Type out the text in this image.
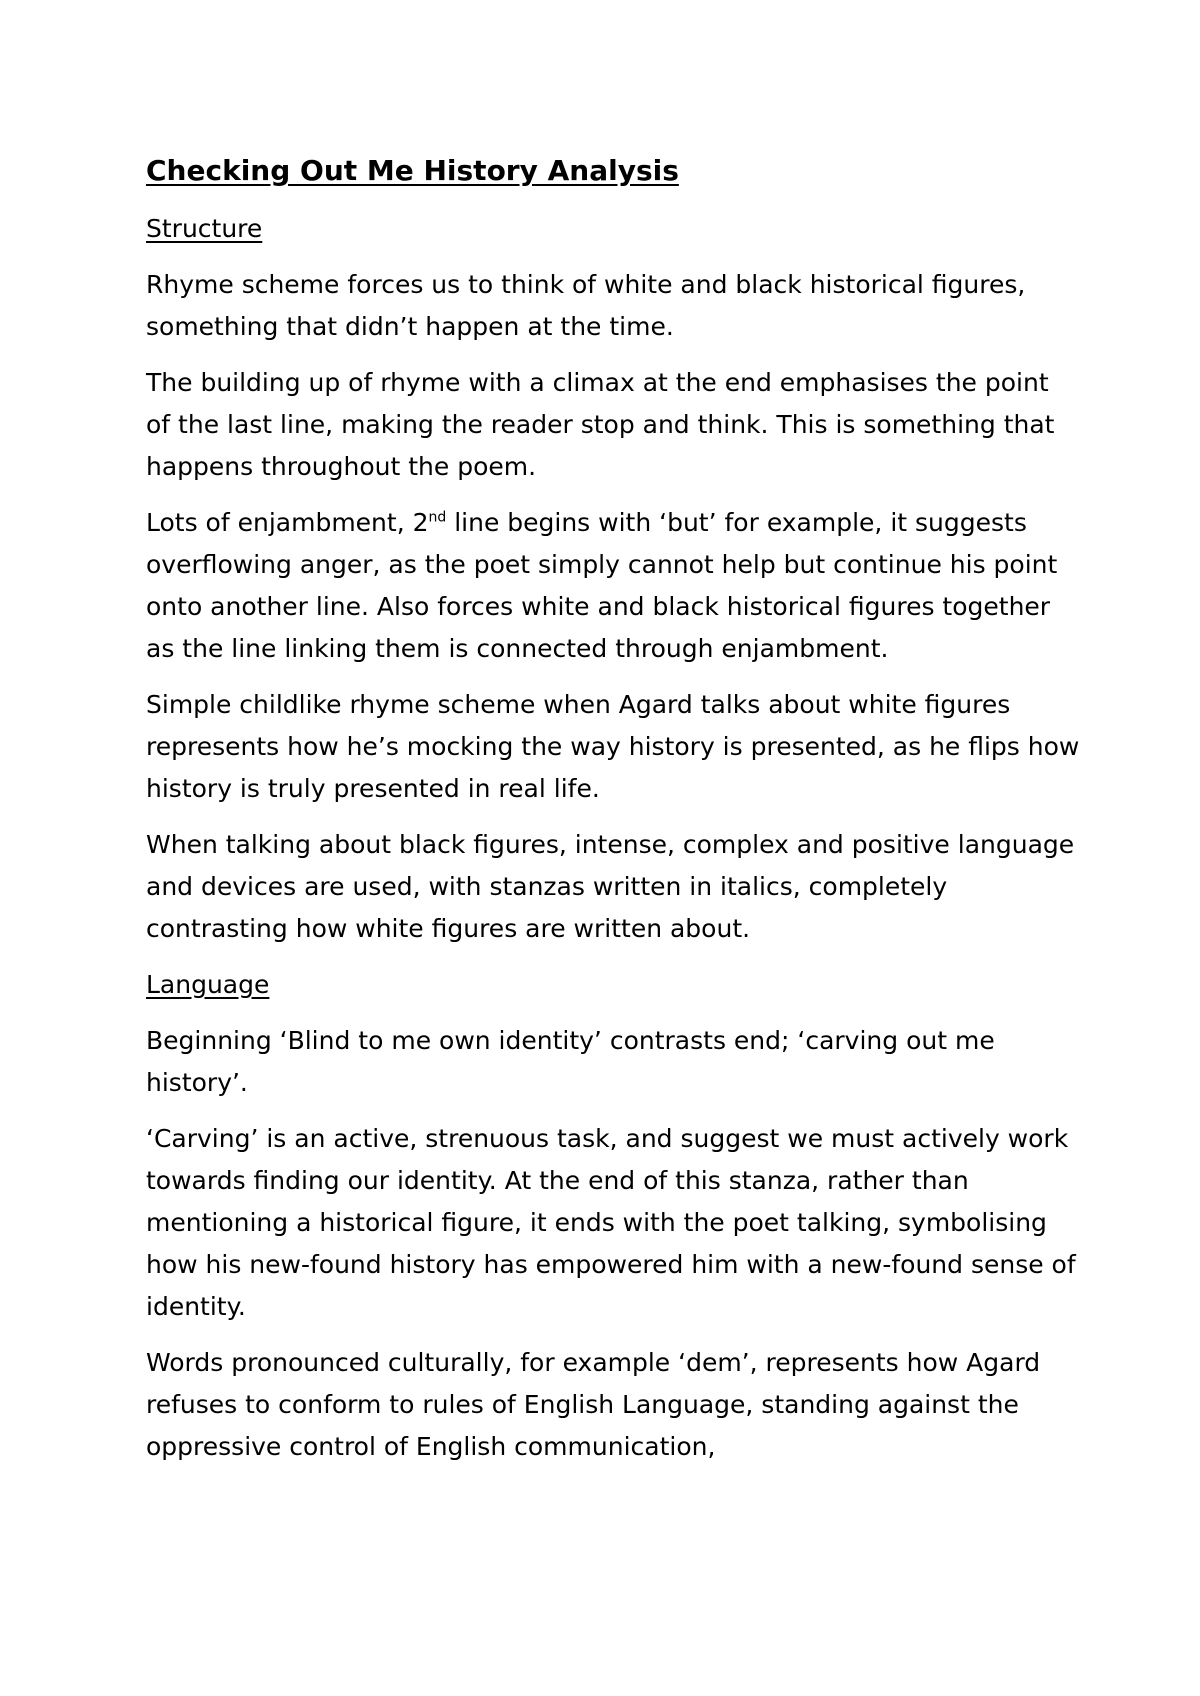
Checking Out Me History Analysis
Structure

Rhyme scheme forces us to think of white and black historical figures, something that didn’t happen at the time.

The building up of rhyme with a climax at the end emphasises the point of the last line, making the reader stop and think. This is something that happens throughout the poem.

Lots of enjambment, 2nd line begins with ‘but’ for example, it suggests overflowing anger, as the poet simply cannot help but continue his point onto another line. Also forces white and black historical figures together as the line linking them is connected through enjambment.

Simple childlike rhyme scheme when Agard talks about white figures represents how he’s mocking the way history is presented, as he flips how history is truly presented in real life.

When talking about black figures, intense, complex and positive language and devices are used, with stanzas written in italics, completely contrasting how white figures are written about.

Language

Beginning ‘Blind to me own identity’ contrasts end; ‘carving out me history’.

‘Carving’ is an active, strenuous task, and suggest we must actively work towards finding our identity. At the end of this stanza, rather than mentioning a historical figure, it ends with the poet talking, symbolising how his new-found history has empowered him with a new-found sense of identity.

Words pronounced culturally, for example ‘dem’, represents how Agard refuses to conform to rules of English Language, standing against the oppressive control of English communication,
